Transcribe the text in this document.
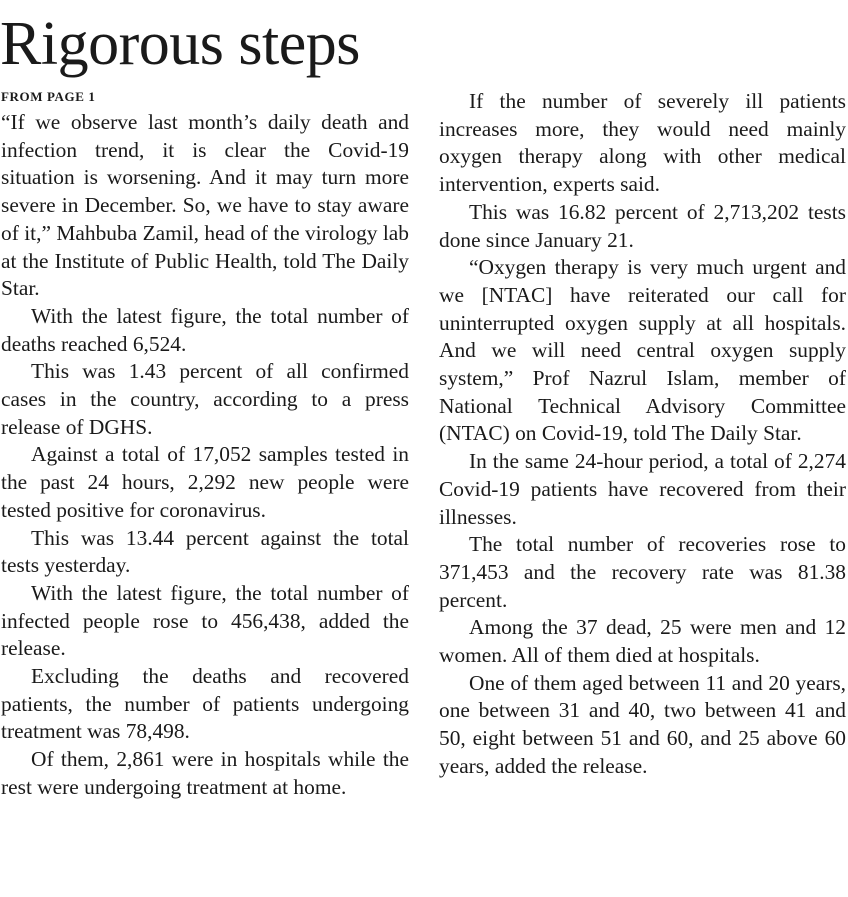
Rigorous steps
FROM PAGE 1

“If we observe last month’s daily death and infection trend, it is clear the Covid-19 situation is worsening. And it may turn more severe in December. So, we have to stay aware of it,” Mahbuba Zamil, head of the virology lab at the Institute of Public Health, told The Daily Star.

With the latest figure, the total number of deaths reached 6,524.

This was 1.43 percent of all confirmed cases in the country, according to a press release of DGHS.

Against a total of 17,052 samples tested in the past 24 hours, 2,292 new people were tested positive for coronavirus.

This was 13.44 percent against the total tests yesterday.

With the latest figure, the total number of infected people rose to 456,438, added the release.

Excluding the deaths and recovered patients, the number of patients undergoing treatment was 78,498.

Of them, 2,861 were in hospitals while the rest were undergoing treatment at home.

If the number of severely ill patients increases more, they would need mainly oxygen therapy along with other medical intervention, experts said.

This was 16.82 percent of 2,713,202 tests done since January 21.

“Oxygen therapy is very much urgent and we [NTAC] have reiterated our call for uninterrupted oxygen supply at all hospitals. And we will need central oxygen supply system,” Prof Nazrul Islam, member of National Technical Advisory Committee (NTAC) on Covid-19, told The Daily Star.

In the same 24-hour period, a total of 2,274 Covid-19 patients have recovered from their illnesses.

The total number of recoveries rose to 371,453 and the recovery rate was 81.38 percent.

Among the 37 dead, 25 were men and 12 women. All of them died at hospitals.

One of them aged between 11 and 20 years, one between 31 and 40, two between 41 and 50, eight between 51 and 60, and 25 above 60 years, added the release.
